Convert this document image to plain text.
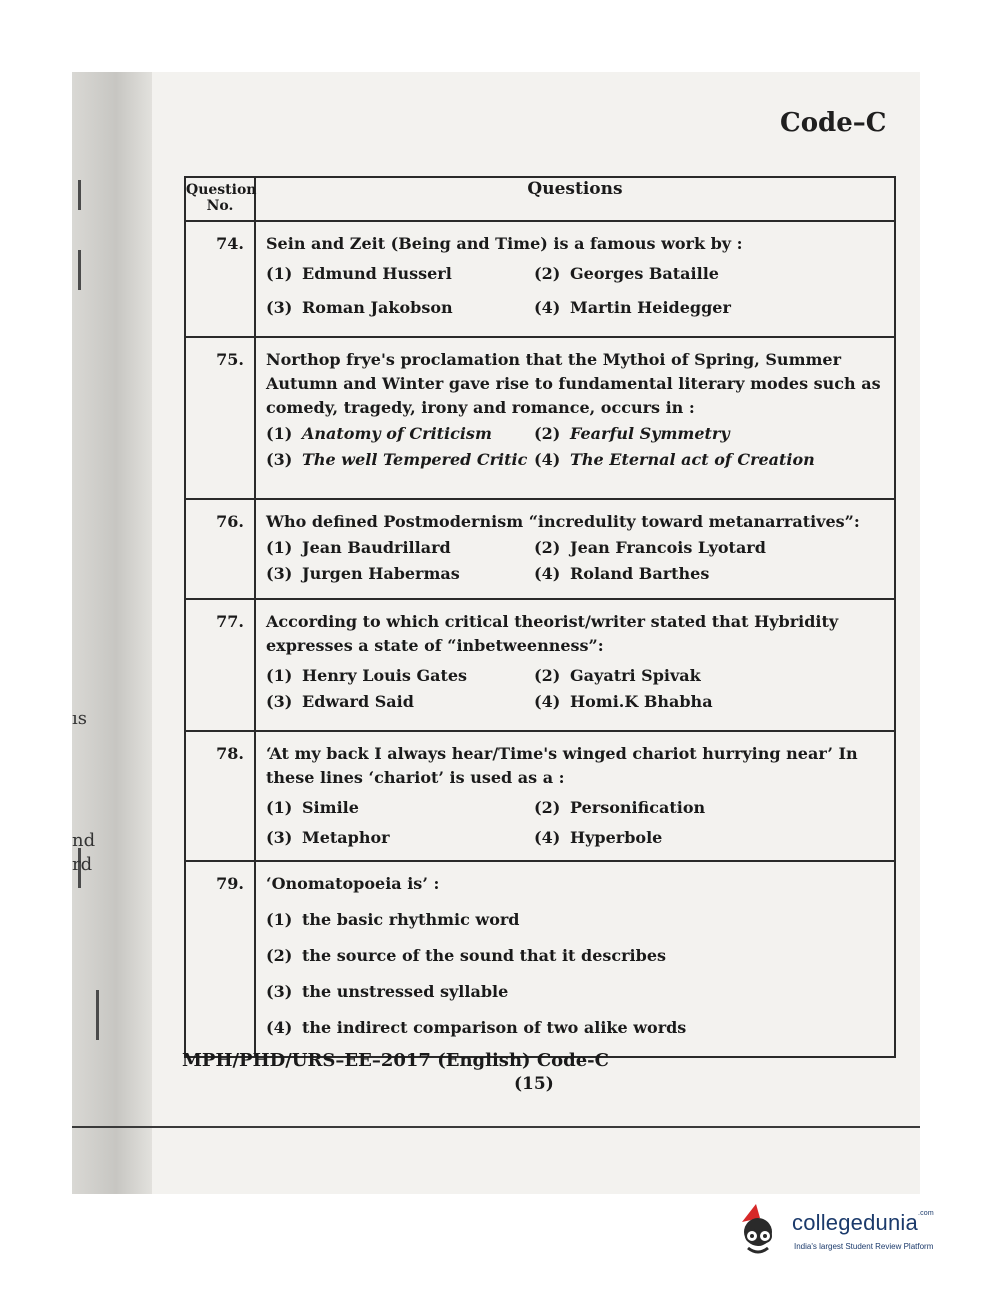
ıs
nd
rd
Code–C
Question No.	Questions
74.	Sein and Zeit (Being and Time) is a famous work by :
(1) Edmund Husserl (2) Georges Bataille
(3) Roman Jakobson (4) Martin Heidegger

75.	Northop frye's proclamation that the Mythoi of Spring, Summer Autumn and Winter gave rise to fundamental literary modes such as comedy, tragedy, irony and romance, occurs in :
(1) Anatomy of Criticism (2) Fearful Symmetry
(3) The well Tempered Critic (4) The Eternal act of Creation

76.	Who defined Postmodernism “incredulity toward metanarratives”:
(1) Jean Baudrillard (2) Jean Francois Lyotard
(3) Jurgen Habermas (4) Roland Barthes

77.	According to which critical theorist/writer stated that Hybridity expresses a state of “inbetweenness”:
(1) Henry Louis Gates (2) Gayatri Spivak
(3) Edward Said (4) Homi.K Bhabha

78.	‘At my back I always hear/Time's winged chariot hurrying near’ In these lines ‘chariot’ is used as a :
(1) Simile (2) Personification
(3) Metaphor (4) Hyperbole

79.	‘Onomatopoeia is’ :
(1) the basic rhythmic word
(2) the source of the sound that it describes
(3) the unstressed syllable
(4) the indirect comparison of two alike words
MPH/PHD/URS–EE–2017 (English) Code-C
(15)
collegedunia$^{.com}$
India's largest Student Review Platform
